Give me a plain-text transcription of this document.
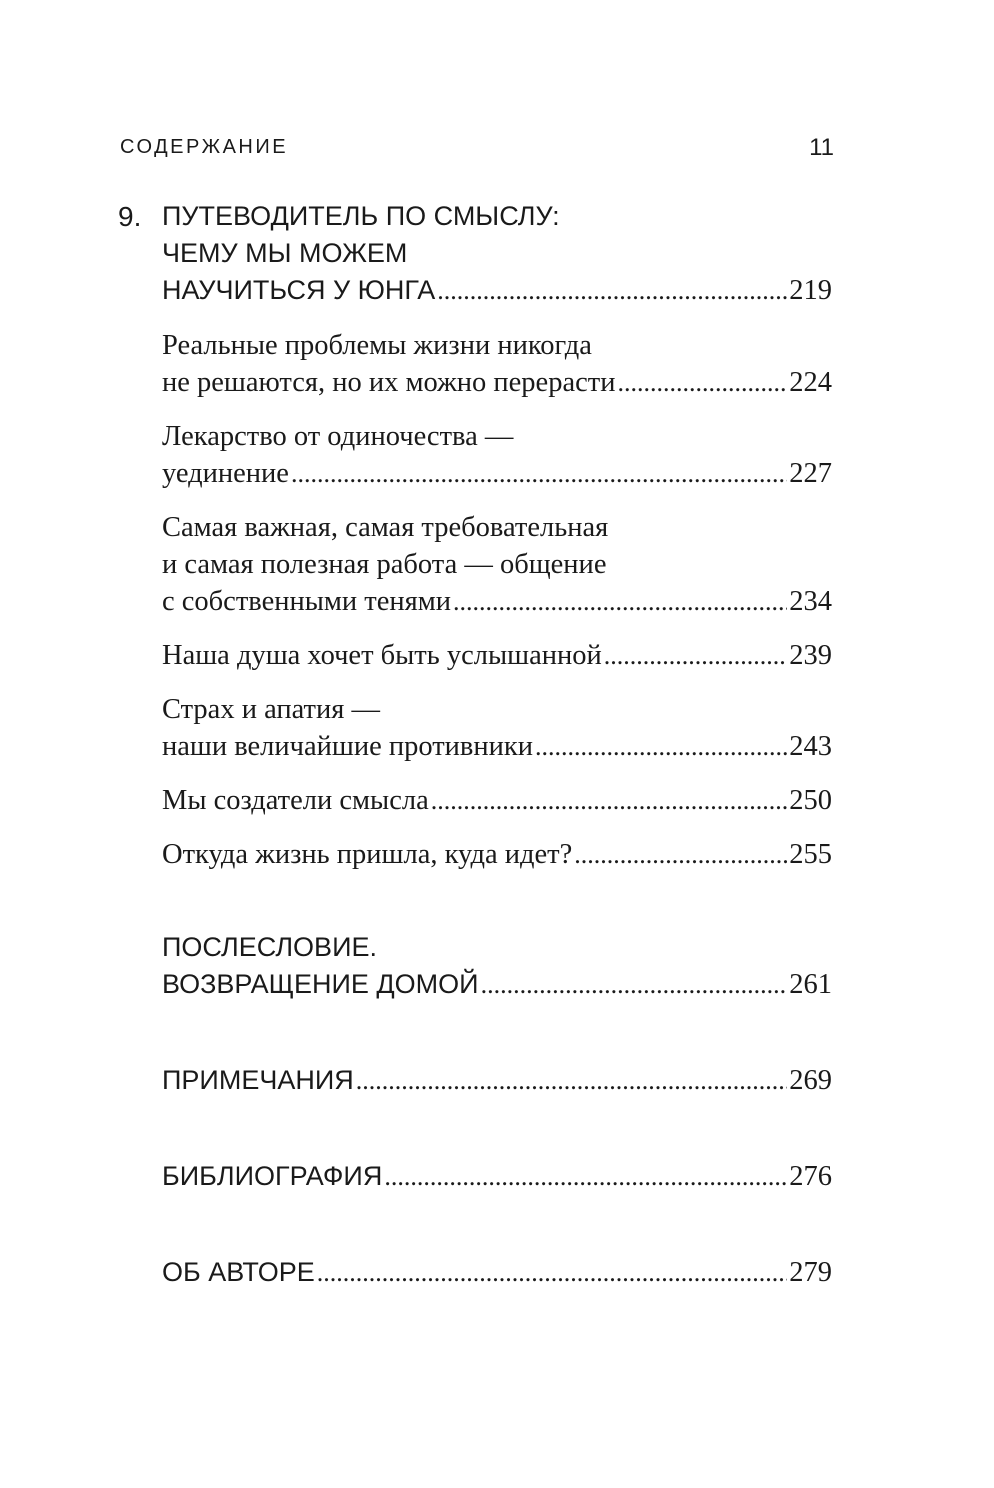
СОДЕРЖАНИЕ	11
9. ПУТЕВОДИТЕЛЬ ПО СМЫСЛУ:
ЧЕМУ МЫ МОЖЕМ
НАУЧИТЬСЯ У ЮНГА .....	219
Реальные проблемы жизни никогда
не решаются, но их можно перерасти .....	224
Лекарство от одиночества —
уединение .....	227
Самая важная, самая требовательная
и самая полезная работа — общение
с собственными тенями .....	234
Наша душа хочет быть услышанной .....	239
Страх и апатия —
наши величайшие противники .....	243
Мы создатели смысла .....	250
Откуда жизнь пришла, куда идет? .....	255
ПОСЛЕСЛОВИЕ.
ВОЗВРАЩЕНИЕ ДОМОЙ .....	261
ПРИМЕЧАНИЯ .....	269
БИБЛИОГРАФИЯ .....	276
ОБ АВТОРЕ .....	279
